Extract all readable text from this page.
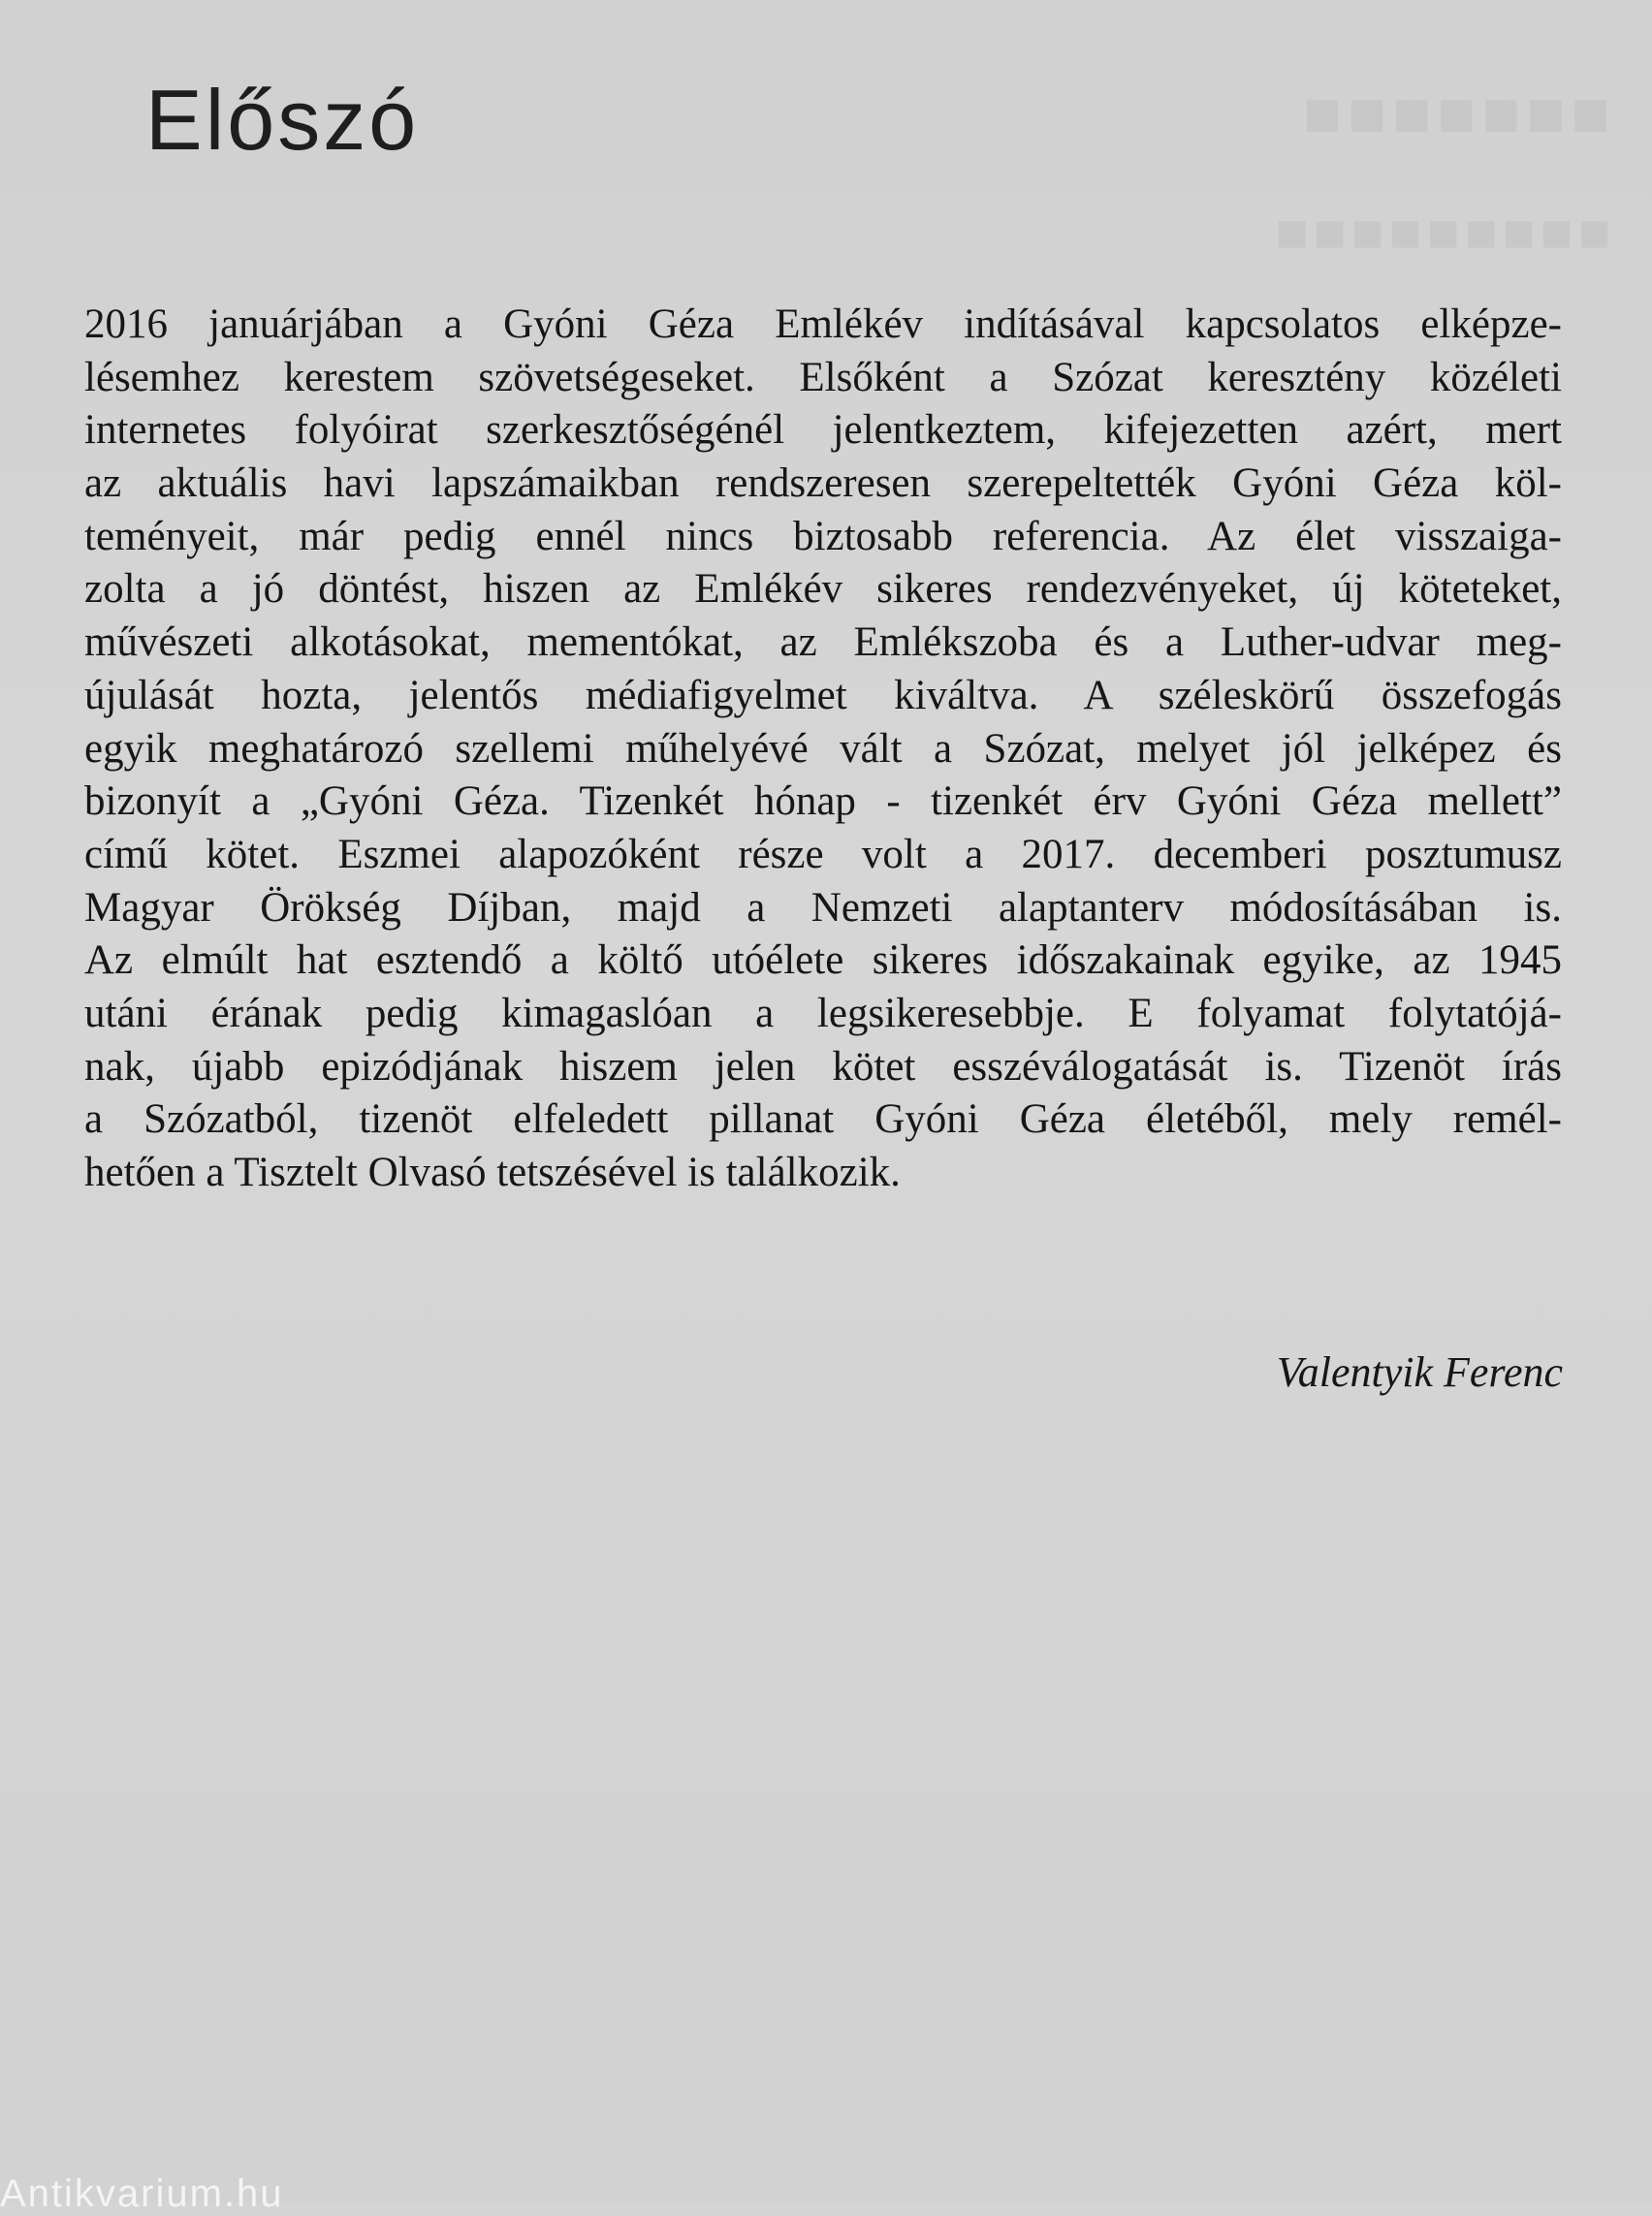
▪▪▪▪▪▪▪
▪▪▪▪▪▪▪▪▪
Előszó
2016 januárjában a Gyóni Géza Emlékév indításával kapcsolatos elképze-
lésemhez kerestem szövetségeseket. Elsőként a Szózat keresztény közéleti
internetes folyóirat szerkesztőségénél jelentkeztem, kifejezetten azért, mert
az aktuális havi lapszámaikban rendszeresen szerepeltették Gyóni Géza köl-
teményeit, már pedig ennél nincs biztosabb referencia. Az élet visszaiga-
zolta a jó döntést, hiszen az Emlékév sikeres rendezvényeket, új köteteket,
művészeti alkotásokat, mementókat, az Emlékszoba és a Luther-udvar meg-
újulását hozta, jelentős médiafigyelmet kiváltva. A széleskörű összefogás
egyik meghatározó szellemi műhelyévé vált a Szózat, melyet jól jelképez és
bizonyít a „Gyóni Géza. Tizenkét hónap - tizenkét érv Gyóni Géza mellett”
című kötet. Eszmei alapozóként része volt a 2017. decemberi posztumusz
Magyar Örökség Díjban, majd a Nemzeti alaptanterv módosításában is.
Az elmúlt hat esztendő a költő utóélete sikeres időszakainak egyike, az 1945
utáni érának pedig kimagaslóan a legsikeresebbje. E folyamat folytatójá-
nak, újabb epizódjának hiszem jelen kötet esszéválogatását is. Tizenöt írás
a Szózatból, tizenöt elfeledett pillanat Gyóni Géza életéből, mely remél-
hetően a Tisztelt Olvasó tetszésével is találkozik.

Valentyik Ferenc

Antikvarium.hu
